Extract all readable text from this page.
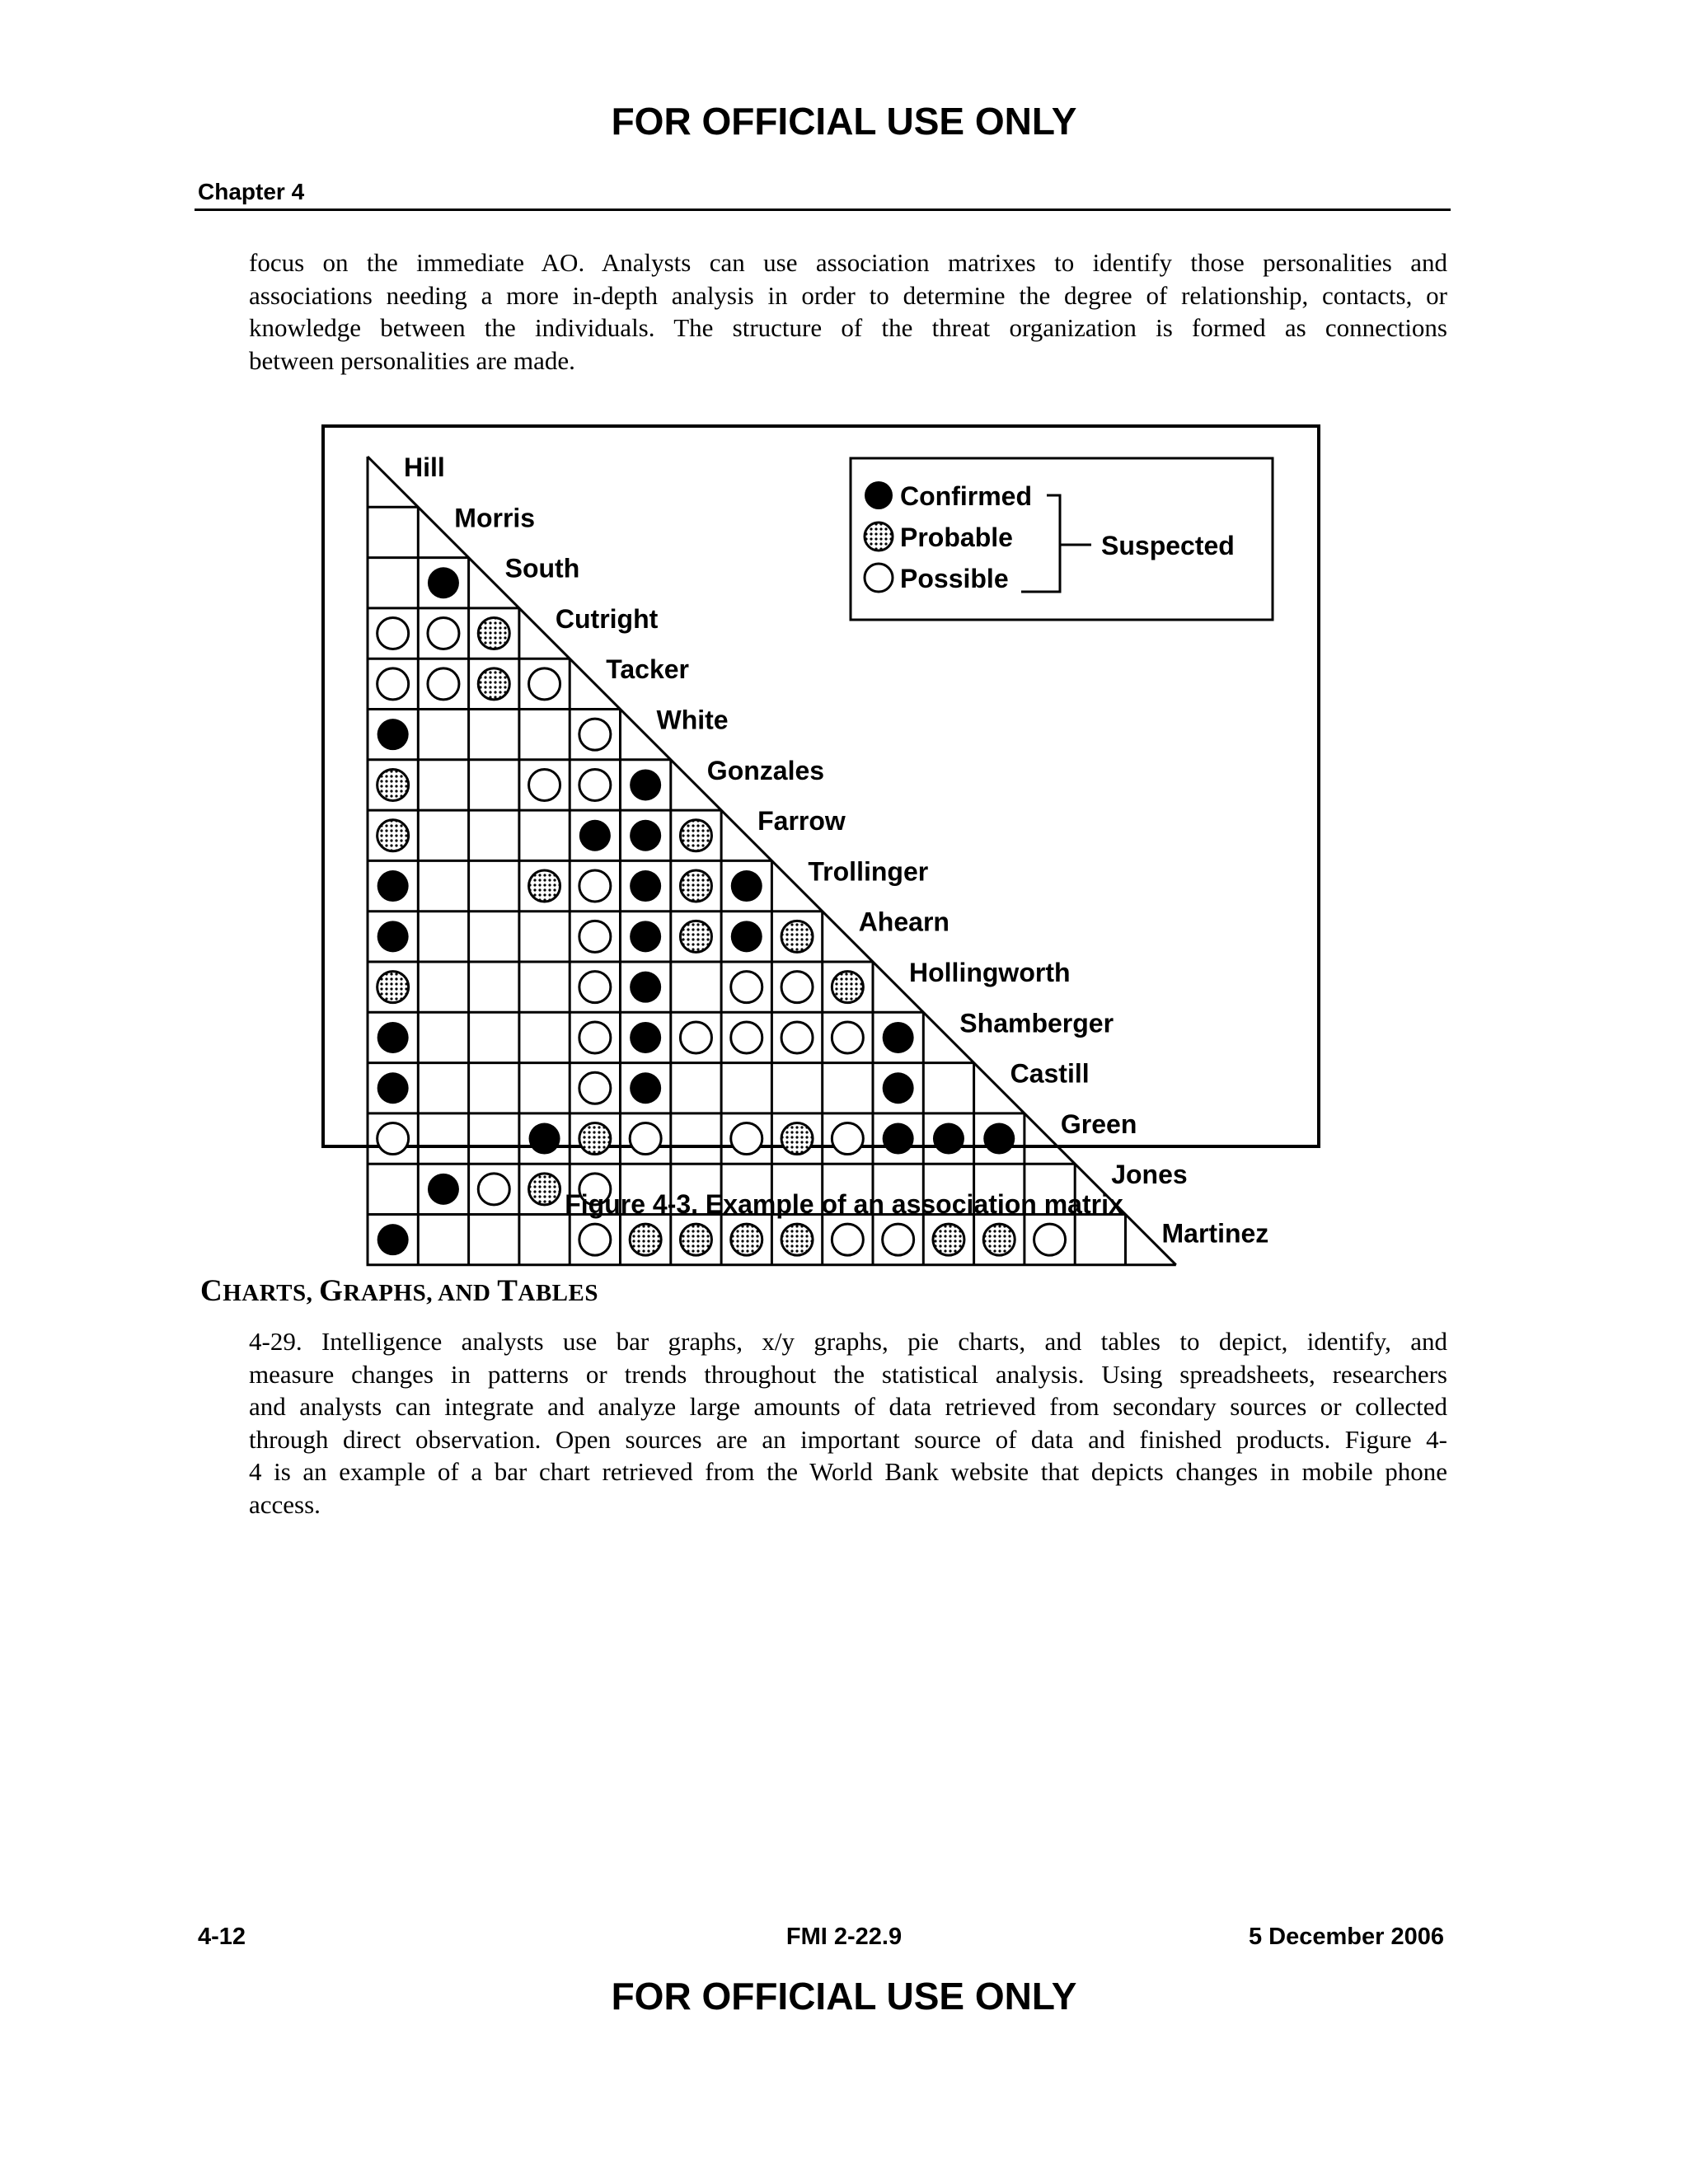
FOR OFFICIAL USE ONLY
Chapter 4
focus on the immediate AO. Analysts can use association matrixes to identify those personalities and
associations needing a more in-depth analysis in order to determine the degree of relationship, contacts, or
knowledge between the individuals. The structure of the threat organization is formed as connections
between personalities are made.
Hill
Morris
South
Cutright
Tacker
White
Gonzales
Farrow
Trollinger
Ahearn
Hollingworth
Shamberger
Castill
Green
Jones
Martinez
Confirmed
Probable
Possible
Suspected
Figure 4-3. Example of an association matrix
CHARTS, GRAPHS, AND TABLES
4-29. Intelligence analysts use bar graphs, x/y graphs, pie charts, and tables to depict, identify, and
measure changes in patterns or trends throughout the statistical analysis. Using spreadsheets, researchers
and analysts can integrate and analyze large amounts of data retrieved from secondary sources or collected
through direct observation. Open sources are an important source of data and finished products. Figure 4-
4 is an example of a bar chart retrieved from the World Bank website that depicts changes in mobile phone
access.
4-12	FMI 2-22.9	5 December 2006
FOR OFFICIAL USE ONLY
